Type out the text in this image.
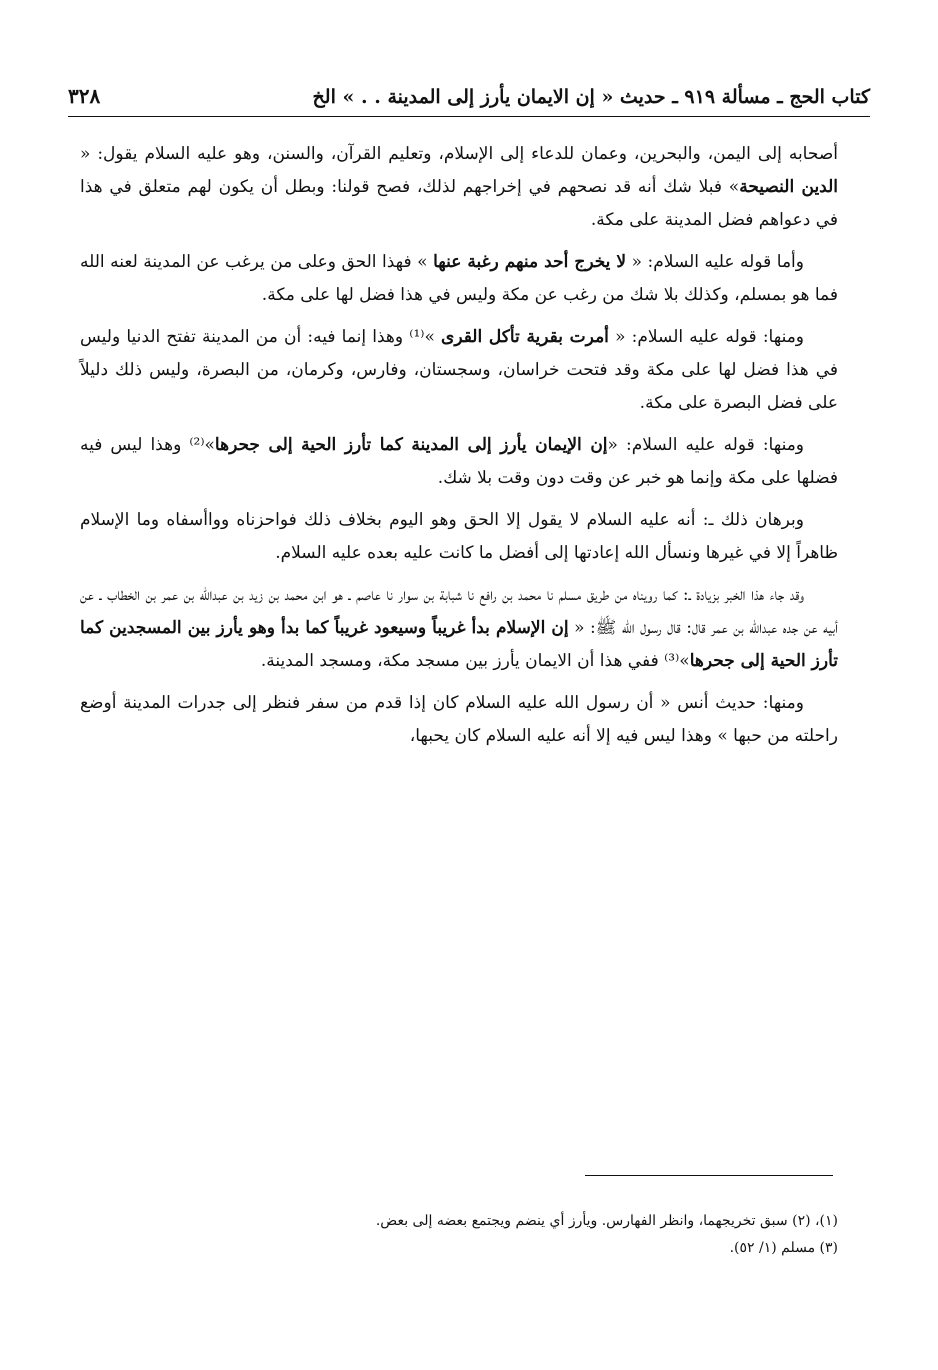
كتاب الحج ـ مسألة ٩١٩ ـ حديث « إن الايمان يأرز إلى المدينة . . » الخ
٣٢٨

أصحابه إلى اليمن، والبحرين، وعمان للدعاء إلى الإسلام، وتعليم القرآن، والسنن، وهو عليه السلام يقول: « الدين النصيحة» فبلا شك أنه قد نصحهم في إخراجهم لذلك، فصح قولنا: وبطل أن يكون لهم متعلق في هذا في دعواهم فضل المدينة على مكة.

وأما قوله عليه السلام: « لا يخرج أحد منهم رغبة عنها » فهذا الحق وعلى من يرغب عن المدينة لعنه الله فما هو بمسلم، وكذلك بلا شك من رغب عن مكة وليس في هذا فضل لها على مكة.

ومنها: قوله عليه السلام: « أمرت بقرية تأكل القرى »⁽¹⁾ وهذا إنما فيه: أن من المدينة تفتح الدنيا وليس في هذا فضل لها على مكة وقد فتحت خراسان، وسجستان، وفارس، وكرمان، من البصرة، وليس ذلك دليلاً على فضل البصرة على مكة.

ومنها: قوله عليه السلام: «إن الإيمان يأرز إلى المدينة كما تأرز الحية إلى جحرها»⁽²⁾ وهذا ليس فيه فضلها على مكة وإنما هو خبر عن وقت دون وقت بلا شك.

وبرهان ذلك ـ: أنه عليه السلام لا يقول إلا الحق وهو اليوم بخلاف ذلك فواحزناه وواأسفاه وما الإسلام ظاهراً إلا في غيرها ونسأل الله إعادتها إلى أفضل ما كانت عليه بعده عليه السلام.

وقد جاء هذا الخبر بزيادة ـ: كما رويناه من طريق مسلم نا محمد بن رافع نا شبابة بن سوار نا عاصم ـ هو ابن محمد بن زيد بن عبدالله بن عمر بن الخطاب ـ عن أبيه عن جده عبدالله بن عمر قال: قال رسول الله ﷺ: « إن الإسلام بدأ غريباً وسيعود غريباً كما بدأ وهو يأرز بين المسجدين كما تأرز الحية إلى جحرها»⁽³⁾ ففي هذا أن الايمان يأرز بين مسجد مكة، ومسجد المدينة.

ومنها: حديث أنس « أن رسول الله عليه السلام كان إذا قدم من سفر فنظر إلى جدرات المدينة أوضع راحلته من حبها » وهذا ليس فيه إلا أنه عليه السلام كان يحبها،

(١)، (٢) سبق تخريجهما، وانظر الفهارس. ويأرز أي ينضم ويجتمع بعضه إلى بعض.
(٣) مسلم (١/ ٥٢).
